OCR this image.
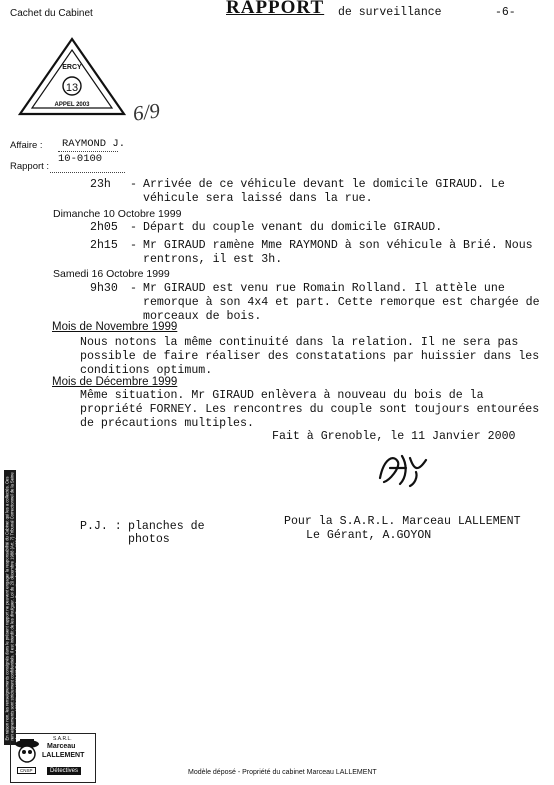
Cachet du Cabinet	RAPPORT de surveillance	-6-
13
ERCY
APPEL 2003 6/9
Affaire : RAYMOND J.
Rapport :
10-0100
23h - Arrivée de ce véhicule devant le domicile GIRAUD. Le véhicule sera laissé dans la rue.
Dimanche 10 Octobre 1999
2h05 - Départ du couple venant du domicile GIRAUD.
2h15 - Mr GIRAUD ramène Mme RAYMOND à son véhicule à Brié. Nous rentrons, il est 3h.
Samedi 16 Octobre 1999
9h30 - Mr GIRAUD est venu rue Romain Rolland. Il attèle une remorque à son 4x4 et part. Cette remorque est chargée de morceaux de bois.
Mois de Novembre 1999
Nous notons la même continuité dans la relation. Il ne sera pas possible de faire réaliser des constatations par huissier dans les conditions optimum.
Mois de Décembre 1999
Même situation. Mr GIRAUD enlèvera à nouveau du bois de la propriété FORNEY. Les rencontres du couple sont toujours entourées de précautions multiples.
Fait à Grenoble, le 11 Janvier 2000
P.J. : planches de photos
Pour la S.A.R.L. Marceau LALLEMENT
Le Gérant, A.GOYON
En raison non, les renseignements consignés dans le présent rapport ne peuvent engager la responsabilité du Cabinet qui les a collectés. Ces renseignements sont strictement confidentiels. Il est interdit de les divulguer. Loi du 20 décembre 1988 (Art. 7) Tribunal Correctionnel de la Seine du 6 décembre 1888 (Art 11 1979) 88) Tribunal de Grande Instance Cour de Cassation du 15 décembre 1934	S.A.R.L.
Marceau
LALLEMENT
CNSP	Détectives	Modèle déposé - Propriété du cabinet Marceau LALLEMENT
